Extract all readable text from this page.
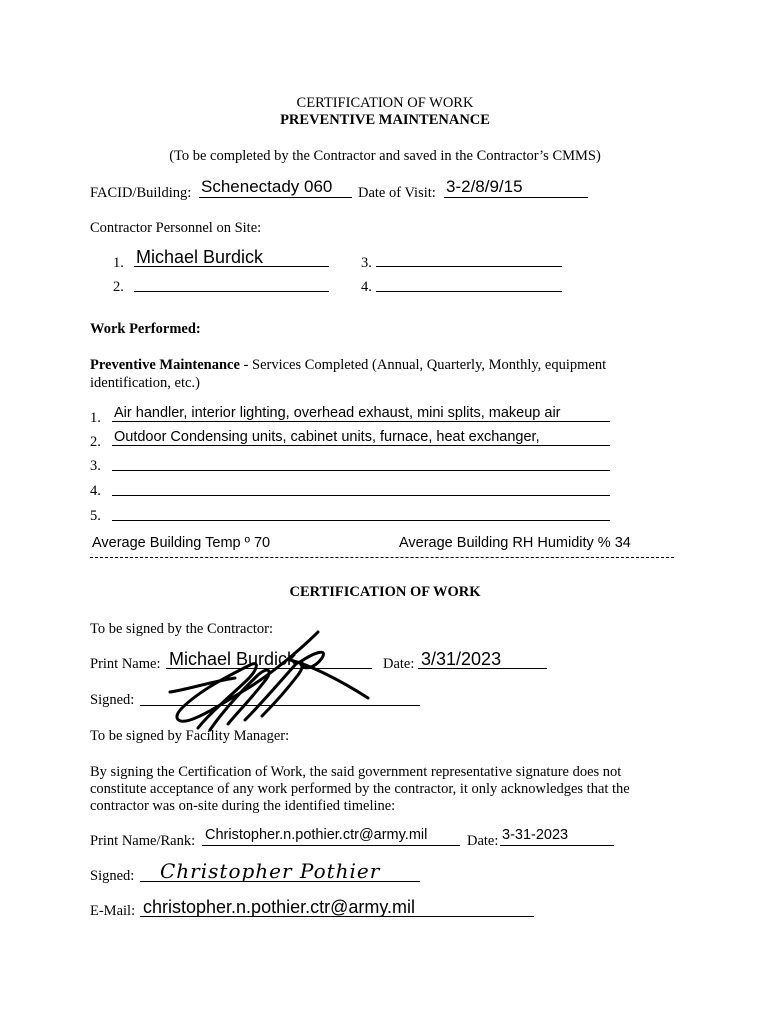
CERTIFICATION OF WORK
PREVENTIVE MAINTENANCE
(To be completed by the Contractor and saved in the Contractor’s CMMS)
FACID/Building: Schenectady 060 Date of Visit: 3-2/8/9/15
Contractor Personnel on Site:
1. Michael Burdick
2.
3.
4.
Work Performed:
Preventive Maintenance - Services Completed (Annual, Quarterly, Monthly, equipment
identification, etc.)
1. Air handler, interior lighting, overhead exhaust, mini splits, makeup air
2. Outdoor Condensing units, cabinet units, furnace, heat exchanger,
3.
4.
5.
Average Building Temp º 70	Average Building RH Humidity % 34
CERTIFICATION OF WORK
To be signed by the Contractor:
Print Name: Michael Burdick	Date: 3/31/2023
Signed:
To be signed by Facility Manager:
By signing the Certification of Work, the said government representative signature does not
constitute acceptance of any work performed by the contractor, it only acknowledges that the
contractor was on-site during the identified timeline:
Print Name/Rank: Christopher.n.pothier.ctr@army.mil	Date: 3-31-2023
Signed: Christopher Pothier
E-Mail: christopher.n.pothier.ctr@army.mil
